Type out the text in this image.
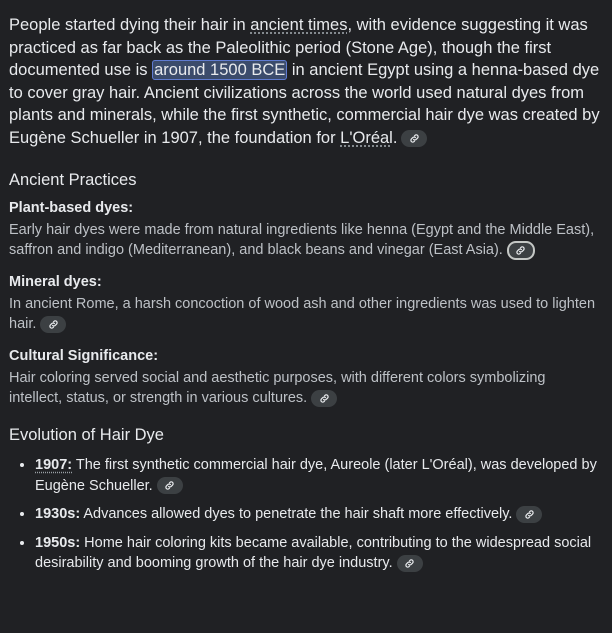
People started dying their hair in ancient times, with evidence suggesting it was practiced as far back as the Paleolithic period (Stone Age), though the first documented use is around 1500 BCE in ancient Egypt using a henna-based dye to cover gray hair. Ancient civilizations across the world used natural dyes from plants and minerals, while the first synthetic, commercial hair dye was created by Eugène Schueller in 1907, the foundation for L'Oréal.

Ancient Practices
Plant-based dyes:

Early hair dyes were made from natural ingredients like henna (Egypt and the Middle East), saffron and indigo (Mediterranean), and black beans and vinegar (East Asia).

Mineral dyes:

In ancient Rome, a harsh concoction of wood ash and other ingredients was used to lighten hair.

Cultural Significance:

Hair coloring served social and aesthetic purposes, with different colors symbolizing intellect, status, or strength in various cultures.

Evolution of Hair Dye
• 1907: The first synthetic commercial hair dye, Aureole (later L'Oréal), was developed by Eugène Schueller.
• 1930s: Advances allowed dyes to penetrate the hair shaft more effectively.
• 1950s: Home hair coloring kits became available, contributing to the widespread social desirability and booming growth of the hair dye industry.
